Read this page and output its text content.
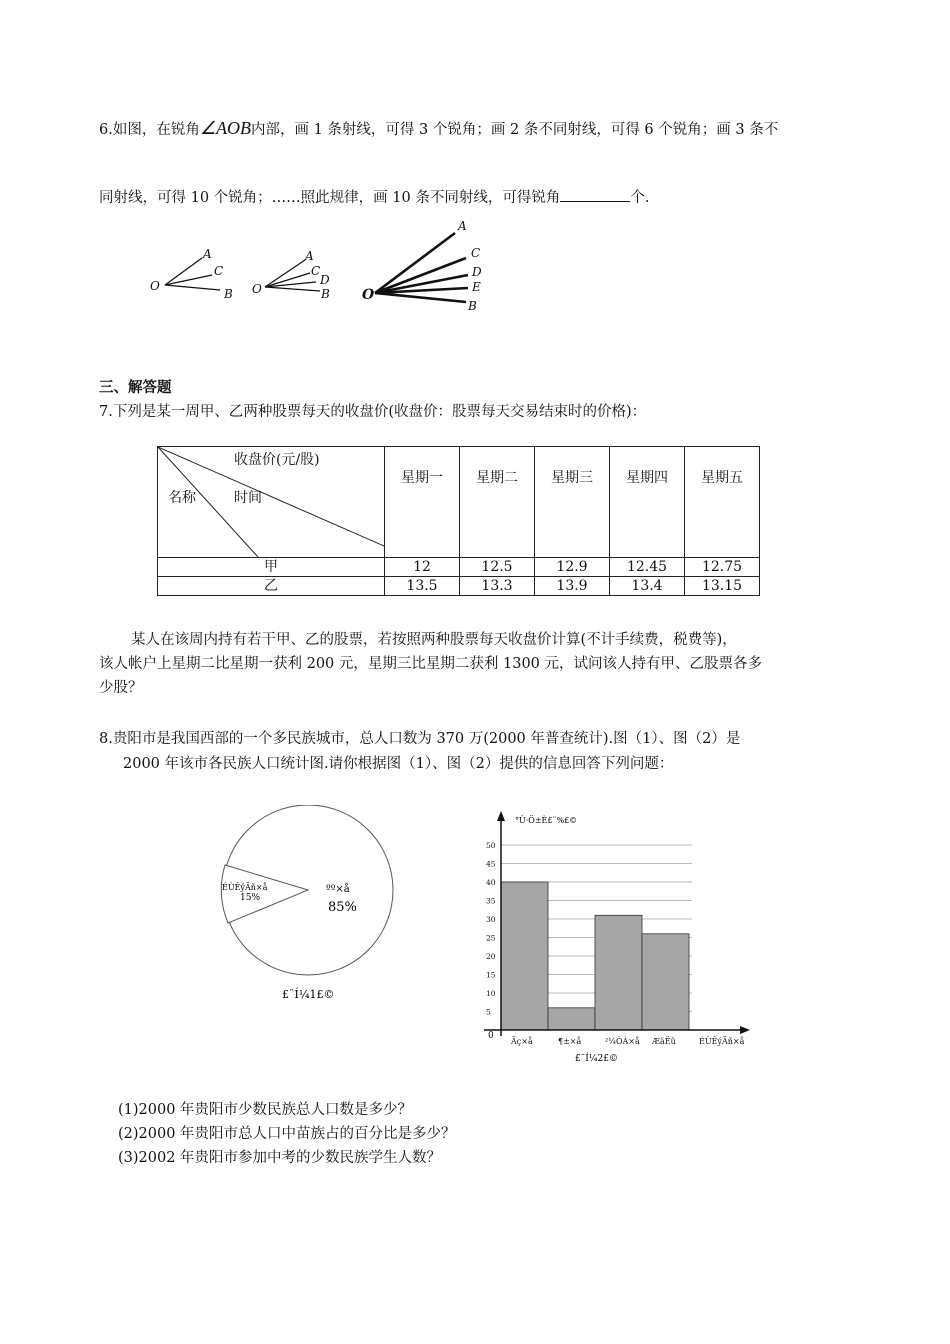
6.如图，在锐角∠AOB内部，画 1 条射线，可得 3 个锐角；画 2 条不同射线，可得 6 个锐角；画 3 条不
同射线，可得 10 个锐角；……照此规律，画 10 条不同射线，可得锐角	个.
O
A
C
B O
A
C
D
B O
A
C
D
E
B
三、解答题
7.下列是某一周甲、乙两种股票每天的收盘价(收盘价：股票每天交易结束时的价格)：
收盘价(元/股)
名称 时间	星期一	星期二	星期三	星期四	星期五
甲	12	12.5	12.9	12.45	12.75
乙	13.5	13.3	13.9	13.4	13.15
某人在该周内持有若干甲、乙的股票，若按照两种股票每天收盘价计算(不计手续费，税费等)，
该人帐户上星期二比星期一获利 200 元，星期三比星期二获利 1300 元，试问该人持有甲、乙股票各多
少股？
8.贵阳市是我国西部的一个多民族城市，总人口数为 370 万(2000 年普查统计).图（1）、图（2）是
2000 年该市各民族人口统计图.请你根据图（1）、图（2）提供的信息回答下列问题：
ÉÙÊýÃñ×å
15%
ºº×å
85%
£¨Í¼1£©
0
5
10
15
20
25
30
35
40
45
50
Ãç×å	¶±×å	²¼ÒÀ×å ÆäËû	ÉÙÊýÃñ×å
°Ù·Ö±È£¨%£©
£¨Í¼2£©
(1)2000 年贵阳市少数民族总人口数是多少？
(2)2000 年贵阳市总人口中苗族占的百分比是多少？
(3)2002 年贵阳市参加中考的少数民族学生人数？
